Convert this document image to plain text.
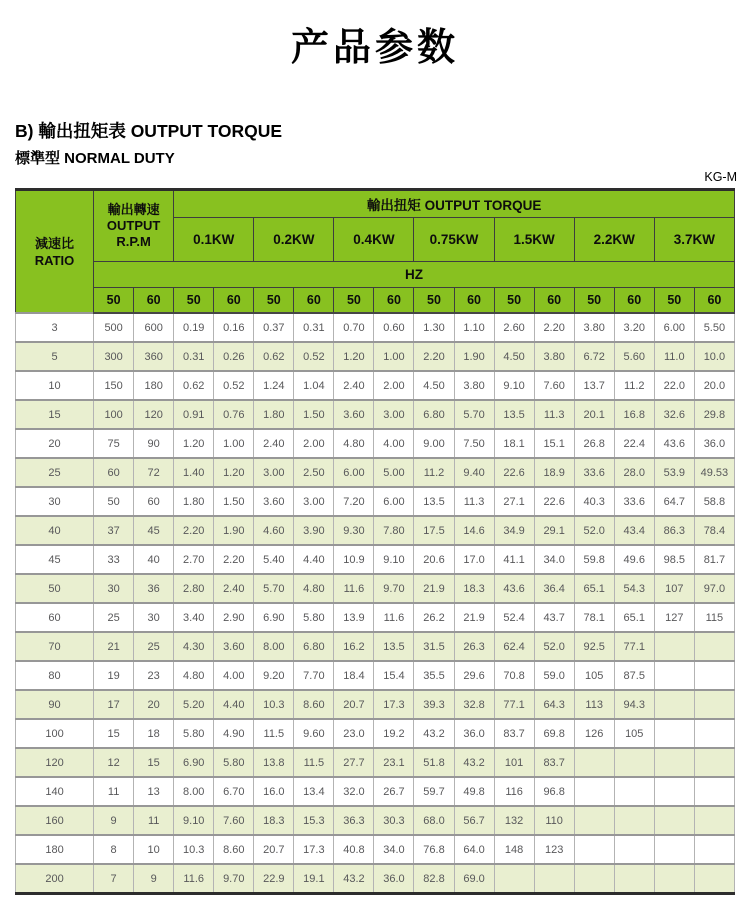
产品参数
B) 輸出扭矩表 OUTPUT TORQUE
標準型 NORMAL DUTY
KG-M
減速比
RATIO

輸出轉速
OUTPUT
R.P.M
	輸出扭矩 OUTPUT TORQUE
			0.1KW		0.2KW		0.4KW		0.75KW		1.5KW		2.2KW		3.7KW	
	HZ															
	50	60	50	60	50	60	50	60	50	60	50	60	50	60	50	60
3	500	600	0.19	0.16	0.37	0.31	0.70	0.60	1.30	1.10	2.60	2.20	3.80	3.20	6.00	5.50
5	300	360	0.31	0.26	0.62	0.52	1.20	1.00	2.20	1.90	4.50	3.80	6.72	5.60	11.0	10.0
10	150	180	0.62	0.52	1.24	1.04	2.40	2.00	4.50	3.80	9.10	7.60	13.7	11.2	22.0	20.0
15	100	120	0.91	0.76	1.80	1.50	3.60	3.00	6.80	5.70	13.5	11.3	20.1	16.8	32.6	29.8
20	75	90	1.20	1.00	2.40	2.00	4.80	4.00	9.00	7.50	18.1	15.1	26.8	22.4	43.6	36.0
25	60	72	1.40	1.20	3.00	2.50	6.00	5.00	11.2	9.40	22.6	18.9	33.6	28.0	53.9	49.53
30	50	60	1.80	1.50	3.60	3.00	7.20	6.00	13.5	11.3	27.1	22.6	40.3	33.6	64.7	58.8
40	37	45	2.20	1.90	4.60	3.90	9.30	7.80	17.5	14.6	34.9	29.1	52.0	43.4	86.3	78.4
45	33	40	2.70	2.20	5.40	4.40	10.9	9.10	20.6	17.0	41.1	34.0	59.8	49.6	98.5	81.7
50	30	36	2.80	2.40	5.70	4.80	11.6	9.70	21.9	18.3	43.6	36.4	65.1	54.3	107	97.0
60	25	30	3.40	2.90	6.90	5.80	13.9	11.6	26.2	21.9	52.4	43.7	78.1	65.1	127	115
70	21	25	4.30	3.60	8.00	6.80	16.2	13.5	31.5	26.3	62.4	52.0	92.5	77.1		
80	19	23	4.80	4.00	9.20	7.70	18.4	15.4	35.5	29.6	70.8	59.0	105	87.5		
90	17	20	5.20	4.40	10.3	8.60	20.7	17.3	39.3	32.8	77.1	64.3	113	94.3		
100	15	18	5.80	4.90	11.5	9.60	23.0	19.2	43.2	36.0	83.7	69.8	126	105		
120	12	15	6.90	5.80	13.8	11.5	27.7	23.1	51.8	43.2	101	83.7				
140	11	13	8.00	6.70	16.0	13.4	32.0	26.7	59.7	49.8	116	96.8				
160	9	11	9.10	7.60	18.3	15.3	36.3	30.3	68.0	56.7	132	110				
180	8	10	10.3	8.60	20.7	17.3	40.8	34.0	76.8	64.0	148	123				
200	7	9	11.6	9.70	22.9	19.1	43.2	36.0	82.8	69.0						
